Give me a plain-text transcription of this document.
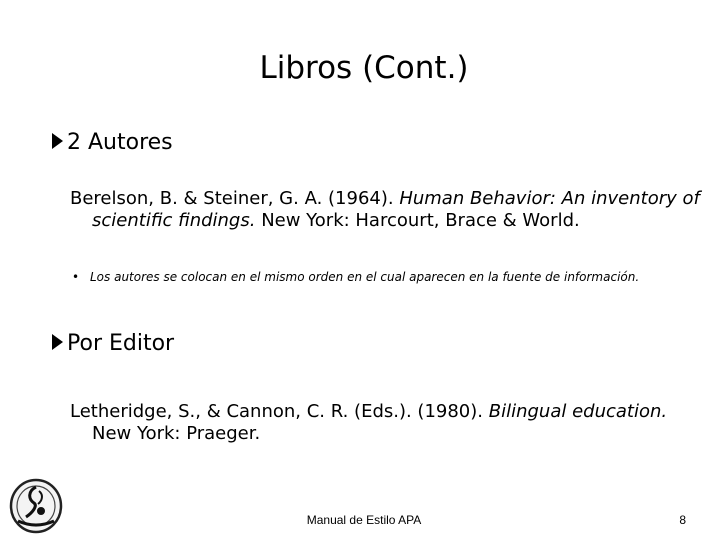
Libros (Cont.)
2 Autores
Berelson, B. & Steiner, G. A. (1964). Human Behavior: An inventory of scientific findings. New York: Harcourt, Brace & World.
• Los autores se colocan en el mismo orden en el cual aparecen en la fuente de información.
Por Editor
Letheridge, S., & Cannon, C. R. (Eds.). (1980). Bilingual education. New York: Praeger.
Manual de Estilo APA	8
